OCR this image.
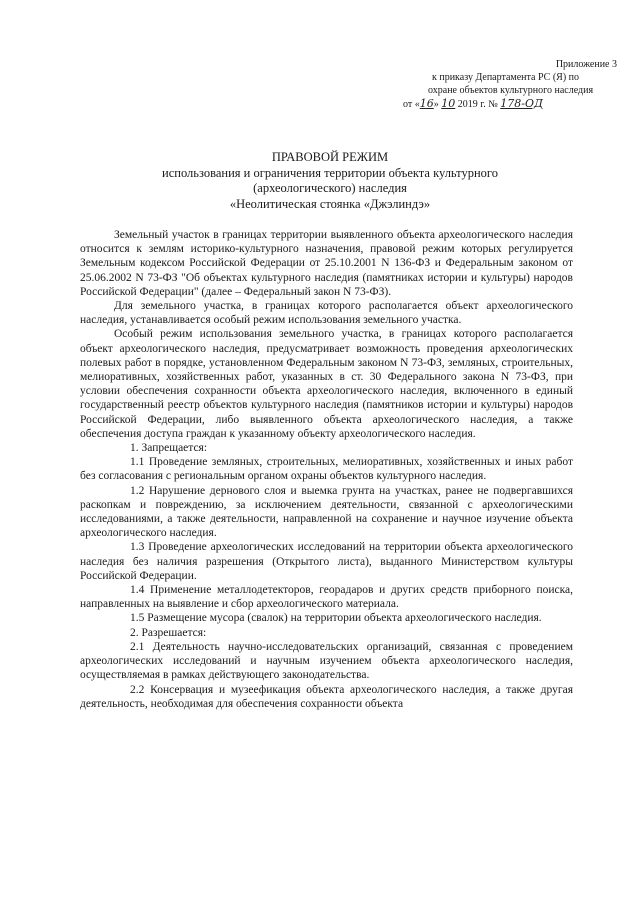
Приложение 3
к приказу Департамента РС (Я) по
охране объектов культурного наследия
от «16» 10 2019 г. № 178-ОД
ПРАВОВОЙ РЕЖИМ
использования и ограничения территории объекта культурного
(археологического) наследия
«Неолитическая стоянка «Джэлиндэ»

Земельный участок в границах территории выявленного объекта археологического наследия относится к землям историко-культурного назначения, правовой режим которых регулируется Земельным кодексом Российской Федерации от 25.10.2001 N 136-ФЗ и Федеральным законом от 25.06.2002 N 73-ФЗ "Об объектах культурного наследия (памятниках истории и культуры) народов Российской Федерации" (далее – Федеральный закон N 73-ФЗ).

Для земельного участка, в границах которого располагается объект археологического наследия, устанавливается особый режим использования земельного участка.

Особый режим использования земельного участка, в границах которого располагается объект археологического наследия, предусматривает возможность проведения археологических полевых работ в порядке, установленном Федеральным законом N 73-ФЗ, земляных, строительных, мелиоративных, хозяйственных работ, указанных в ст. 30 Федерального закона N 73-ФЗ, при условии обеспечения сохранности объекта археологического наследия, включенного в единый государственный реестр объектов культурного наследия (памятников истории и культуры) народов Российской Федерации, либо выявленного объекта археологического наследия, а также обеспечения доступа граждан к указанному объекту археологического наследия.

1. Запрещается:

1.1 Проведение земляных, строительных, мелиоративных, хозяйственных и иных работ без согласования с региональным органом охраны объектов культурного наследия.

1.2 Нарушение дернового слоя и выемка грунта на участках, ранее не подвергавшихся раскопкам и повреждению, за исключением деятельности, связанной с археологическими исследованиями, а также деятельности, направленной на сохранение и научное изучение объекта археологического наследия.

1.3 Проведение археологических исследований на территории объекта археологического наследия без наличия разрешения (Открытого листа), выданного Министерством культуры Российской Федерации.

1.4 Применение металлодетекторов, георадаров и других средств приборного поиска, направленных на выявление и сбор археологического материала.

1.5 Размещение мусора (свалок) на территории объекта археологического наследия.

2. Разрешается:

2.1 Деятельность научно-исследовательских организаций, связанная с проведением археологических исследований и научным изучением объекта археологического наследия, осуществляемая в рамках действующего законодательства.

2.2 Консервация и музеефикация объекта археологического наследия, а также другая деятельность, необходимая для обеспечения сохранности объекта
